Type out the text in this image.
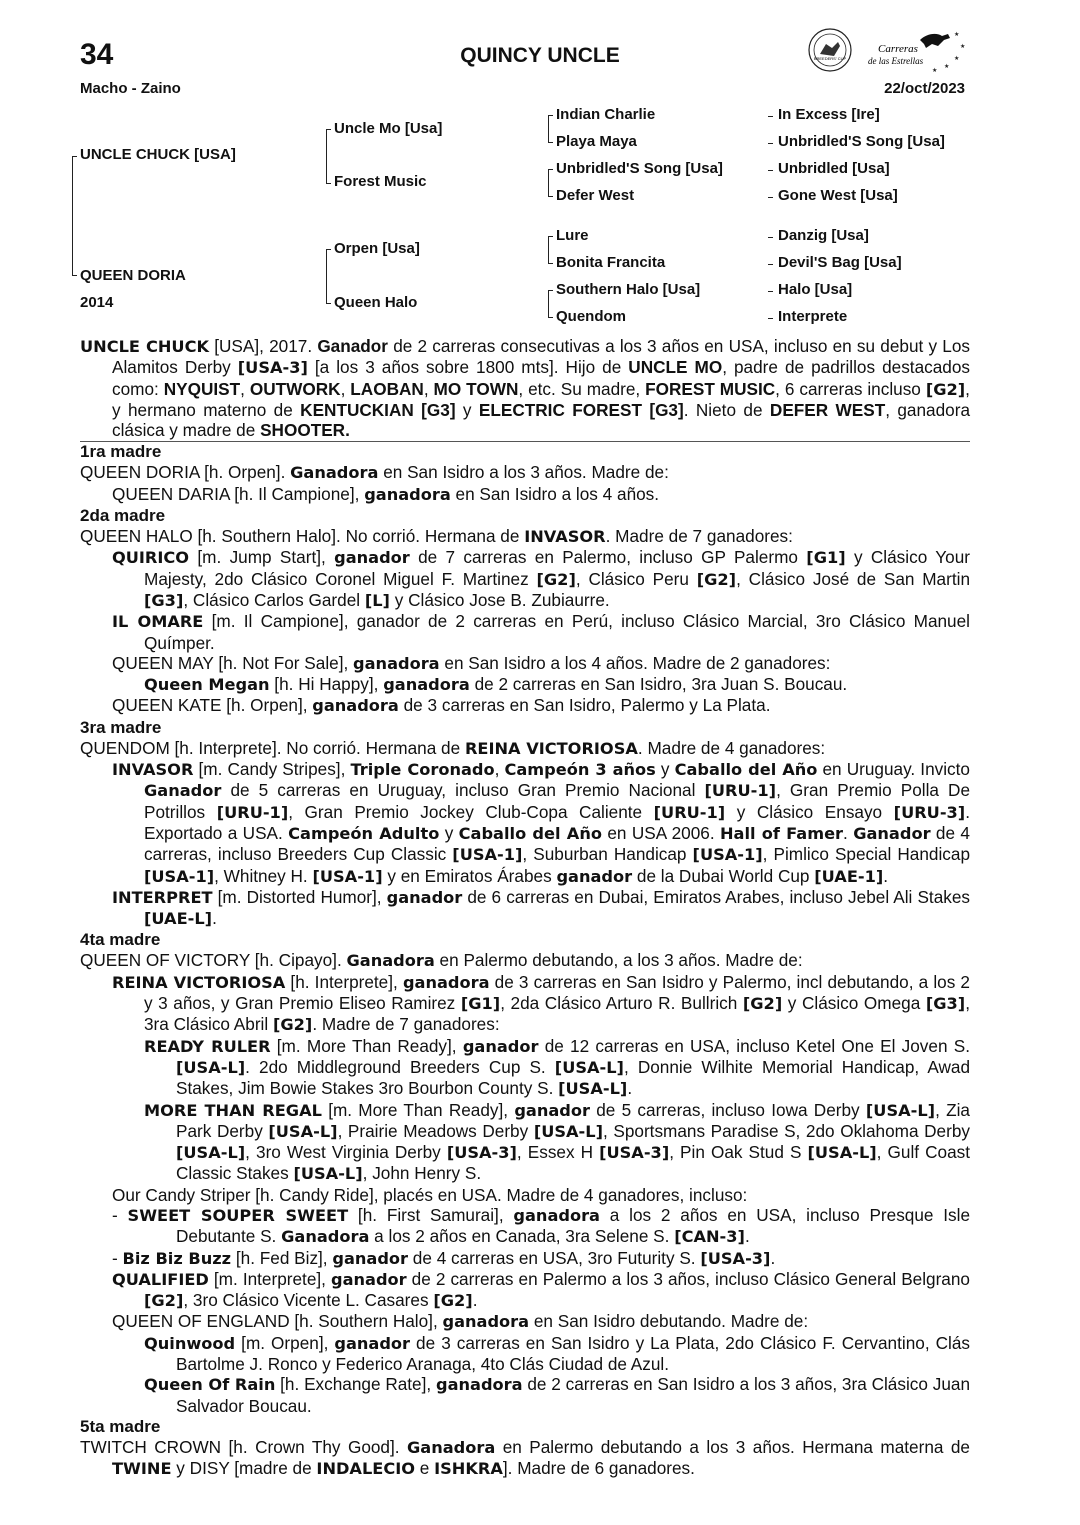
34	QUINCY UNCLE
Macho - Zaino	22/oct/2023
BREEDERS' CUP
Carreras
de las Estrellas
★
★
★
★
★
UNCLE CHUCK [USA]
QUEEN DORIA
2014
Uncle Mo [Usa]
Forest Music
Orpen [Usa]
Queen Halo
Indian Charlie
Playa Maya
Unbridled'S Song [Usa]
Defer West
Lure
Bonita Francita
Southern Halo [Usa]
Quendom
In Excess [Ire]
Unbridled'S Song [Usa]
Unbridled [Usa]
Gone West [Usa]
Danzig [Usa]
Devil'S Bag [Usa]
Halo [Usa]
Interprete

UNCLE CHUCK [USA], 2017. Ganador de 2 carreras consecutivas a los 3 años en USA, incluso en su debut y Los Alamitos Derby [USA-3] [a los 3 años sobre 1800 mts]. Hijo de UNCLE MO, padre de padrillos destacados como: NYQUIST, OUTWORK, LAOBAN, MO TOWN, etc. Su madre, FOREST MUSIC, 6 carreras incluso [G2], y hermano materno de KENTUCKIAN [G3] y ELECTRIC FOREST [G3]. Nieto de DEFER WEST, ganadora clásica y madre de SHOOTER.

1ra madre

QUEEN DORIA [h. Orpen]. Ganadora en San Isidro a los 3 años. Madre de:

QUEEN DARIA [h. Il Campione], ganadora en San Isidro a los 4 años.

2da madre

QUEEN HALO [h. Southern Halo]. No corrió. Hermana de INVASOR. Madre de 7 ganadores:

QUIRICO [m. Jump Start], ganador de 7 carreras en Palermo, incluso GP Palermo [G1] y Clásico Your Majesty, 2do Clásico Coronel Miguel F. Martinez [G2], Clásico Peru [G2], Clásico José de San Martin [G3], Clásico Carlos Gardel [L] y Clásico Jose B. Zubiaurre.

IL OMARE [m. Il Campione], ganador de 2 carreras en Perú, incluso Clásico Marcial, 3ro Clásico Manuel Químper.

QUEEN MAY [h. Not For Sale], ganadora en San Isidro a los 4 años. Madre de 2 ganadores:

Queen Megan [h. Hi Happy], ganadora de 2 carreras en San Isidro, 3ra Juan S. Boucau.

QUEEN KATE [h. Orpen], ganadora de 3 carreras en San Isidro, Palermo y La Plata.

3ra madre

QUENDOM [h. Interprete]. No corrió. Hermana de REINA VICTORIOSA. Madre de 4 ganadores:

INVASOR [m. Candy Stripes], Triple Coronado, Campeón 3 años y Caballo del Año en Uruguay. Invicto Ganador de 5 carreras en Uruguay, incluso Gran Premio Nacional [URU-1], Gran Premio Polla De Potrillos [URU-1], Gran Premio Jockey Club-Copa Caliente [URU-1] y Clásico Ensayo [URU-3]. Exportado a USA. Campeón Adulto y Caballo del Año en USA 2006. Hall of Famer. Ganador de 4 carreras, incluso Breeders Cup Classic [USA-1], Suburban Handicap [USA-1], Pimlico Special Handicap [USA-1], Whitney H. [USA-1] y en Emiratos Árabes ganador de la Dubai World Cup [UAE-1].

INTERPRET [m. Distorted Humor], ganador de 6 carreras en Dubai, Emiratos Arabes, incluso Jebel Ali Stakes [UAE-L].

4ta madre

QUEEN OF VICTORY [h. Cipayo]. Ganadora en Palermo debutando, a los 3 años. Madre de:

REINA VICTORIOSA [h. Interprete], ganadora de 3 carreras en San Isidro y Palermo, incl debutando, a los 2 y 3 años, y Gran Premio Eliseo Ramirez [G1], 2da Clásico Arturo R. Bullrich [G2] y Clásico Omega [G3], 3ra Clásico Abril [G2]. Madre de 7 ganadores:

READY RULER [m. More Than Ready], ganador de 12 carreras en USA, incluso Ketel One El Joven S. [USA-L]. 2do Middleground Breeders Cup S. [USA-L], Donnie Wilhite Memorial Handicap, Awad Stakes, Jim Bowie Stakes 3ro Bourbon County S. [USA-L].

MORE THAN REGAL [m. More Than Ready], ganador de 5 carreras, incluso Iowa Derby [USA-L], Zia Park Derby [USA-L], Prairie Meadows Derby [USA-L], Sportsmans Paradise S, 2do Oklahoma Derby [USA-L], 3ro West Virginia Derby [USA-3], Essex H [USA-3], Pin Oak Stud S [USA-L], Gulf Coast Classic Stakes [USA-L], John Henry S.

Our Candy Striper [h. Candy Ride], placés en USA. Madre de 4 ganadores, incluso:

- SWEET SOUPER SWEET [h. First Samurai], ganadora a los 2 años en USA, incluso Presque Isle Debutante S. Ganadora a los 2 años en Canada, 3ra Selene S. [CAN-3].

- Biz Biz Buzz [h. Fed Biz], ganador de 4 carreras en USA, 3ro Futurity S. [USA-3].

QUALIFIED [m. Interprete], ganador de 2 carreras en Palermo a los 3 años, incluso Clásico General Belgrano [G2], 3ro Clásico Vicente L. Casares [G2].

QUEEN OF ENGLAND [h. Southern Halo], ganadora en San Isidro debutando. Madre de:

Quinwood [m. Orpen], ganador de 3 carreras en San Isidro y La Plata, 2do Clásico F. Cervantino, Clás Bartolme J. Ronco y Federico Aranaga, 4to Clás Ciudad de Azul.

Queen Of Rain [h. Exchange Rate], ganadora de 2 carreras en San Isidro a los 3 años, 3ra Clásico Juan Salvador Boucau.

5ta madre

TWITCH CROWN [h. Crown Thy Good]. Ganadora en Palermo debutando a los 3 años. Hermana materna de TWINE y DISY [madre de INDALECIO e ISHKRA]. Madre de 6 ganadores.
